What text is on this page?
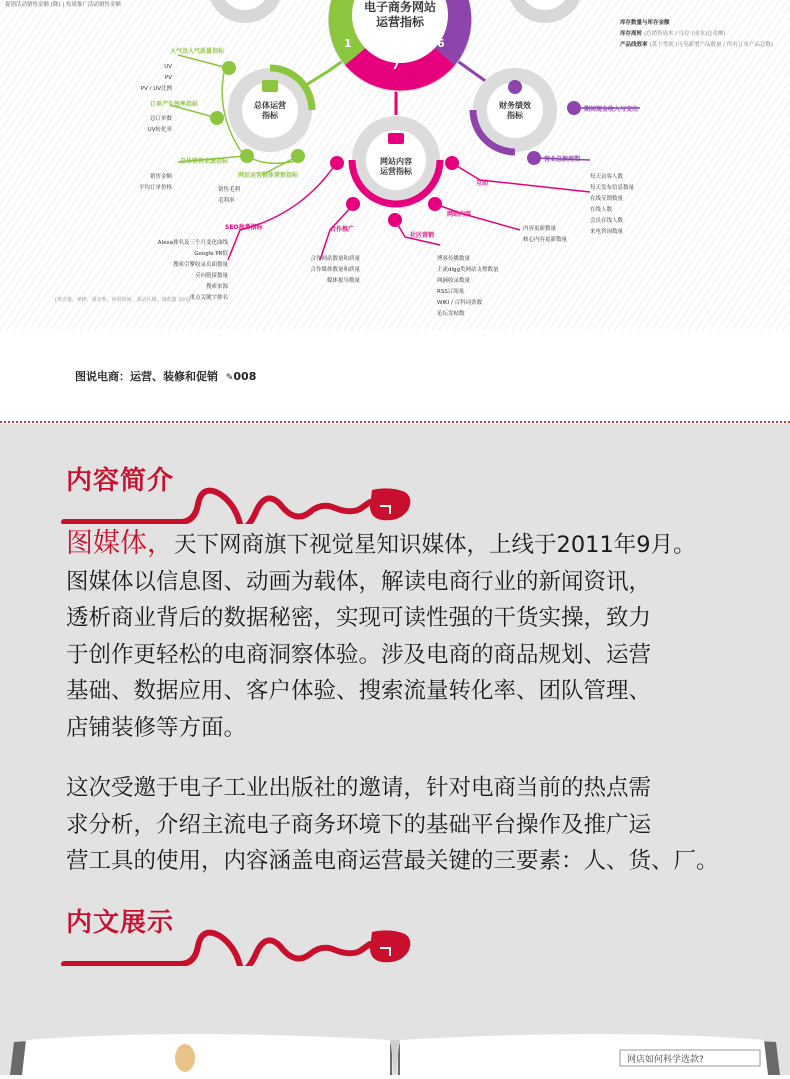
电子商务网站
运营指标
1	6
7
总体运营
指标
财务绩效
指标
网站内容
运营指标
促销活动销售金额 (降) | 每周推广活动销售金额
库存数量与库存金额
库存周转 (总销售成本 / 库存 (成本)总金额)
产品线效率 (某个类别 (可见新增产品数量 / 所有订单产品总数)
人气及人气质量指标
UV
PV
PV / UV比例
订单产生效率指标
总订单数
UV转化率
总体销售业绩指标
销售金额
平均订单价格
网站运营整体营销指标
销售毛利
毛利率
期间现金收入与支出
营业总款周期
SEO参考指标
Alexa排名及三个月变化曲线
Google PR值
搜索引擎收录页面数量
反向链接数量
搜索来源
重点关键字排名
合作推广
合作网站数量和质量
合作媒体数量和质量
媒体报导数量
社区营销
博客传播数量
主流digg类网站支撑数量
网摘收录数量
RSS订阅量
WIKI / 百科词条数
论坛发帖数
网站内容
内容更新数量
核心内容更新数量
互动
每天访客人数
每天发布信息数量
在线反馈数量
在线人数
会员在线人数
来电咨询数量
(单次量、单IP、成交率、停留时间、来访区域、浏览器 访问)
图说电商：运营、装修和促销 ✎008
内容简介
图媒体，天下网商旗下视觉星知识媒体，上线于2011年9月。
图媒体以信息图、动画为载体，解读电商行业的新闻资讯，
透析商业背后的数据秘密，实现可读性强的干货实操，致力
于创作更轻松的电商洞察体验。涉及电商的商品规划、运营
基础、数据应用、客户体验、搜索流量转化率、团队管理、
店铺装修等方面。
这次受邀于电子工业出版社的邀请，针对电商当前的热点需
求分析，介绍主流电子商务环境下的基础平台操作及推广运
营工具的使用，内容涵盖电商运营最关键的三要素：人、货、厂。
内文展示
网店如何科学选款?
